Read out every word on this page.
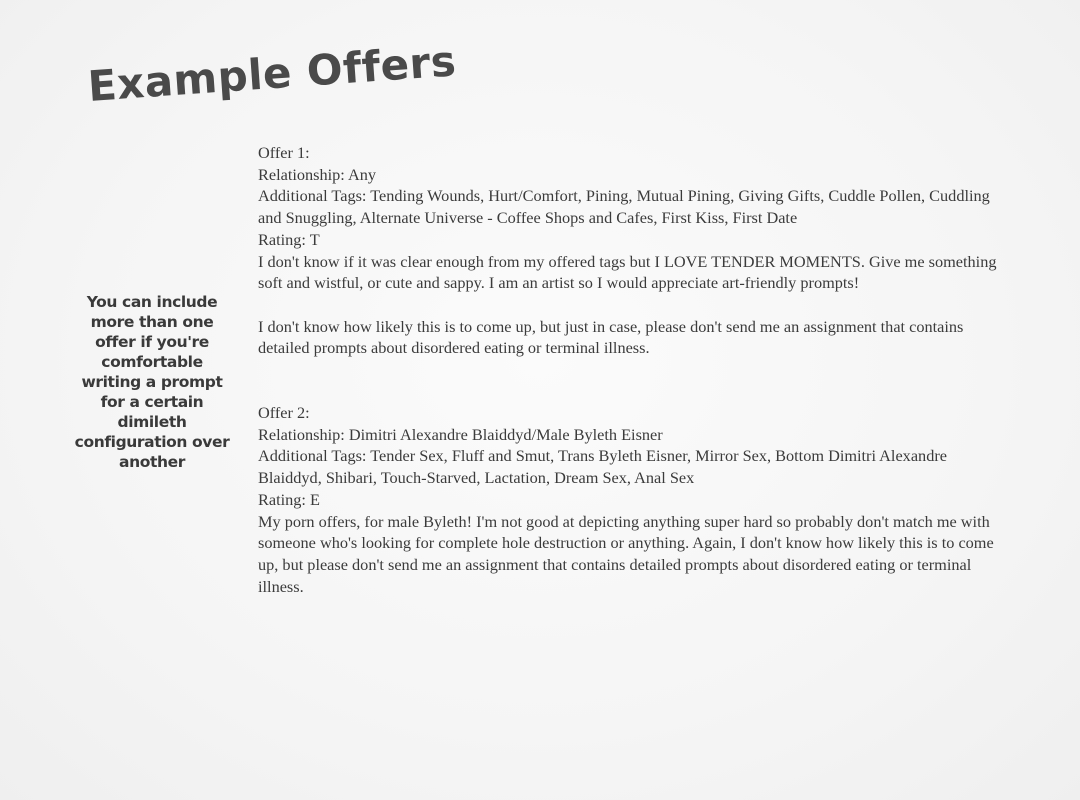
Example Offers
You can include more than one offer if you're comfortable writing a prompt for a certain dimileth configuration over another

Offer 1:

Relationship: Any

Additional Tags: Tending Wounds, Hurt/Comfort, Pining, Mutual Pining, Giving Gifts, Cuddle Pollen, Cuddling and Snuggling, Alternate Universe - Coffee Shops and Cafes, First Kiss, First Date

Rating: T

I don't know if it was clear enough from my offered tags but I LOVE TENDER MOMENTS. Give me something soft and wistful, or cute and sappy. I am an artist so I would appreciate art-friendly prompts!

I don't know how likely this is to come up, but just in case, please don't send me an assignment that contains detailed prompts about disordered eating or terminal illness.

Offer 2:

Relationship: Dimitri Alexandre Blaiddyd/Male Byleth Eisner

Additional Tags: Tender Sex, Fluff and Smut, Trans Byleth Eisner, Mirror Sex, Bottom Dimitri Alexandre Blaiddyd, Shibari, Touch-Starved, Lactation, Dream Sex, Anal Sex

Rating: E

My porn offers, for male Byleth! I'm not good at depicting anything super hard so probably don't match me with someone who's looking for complete hole destruction or anything. Again, I don't know how likely this is to come up, but please don't send me an assignment that contains detailed prompts about disordered eating or terminal illness.
